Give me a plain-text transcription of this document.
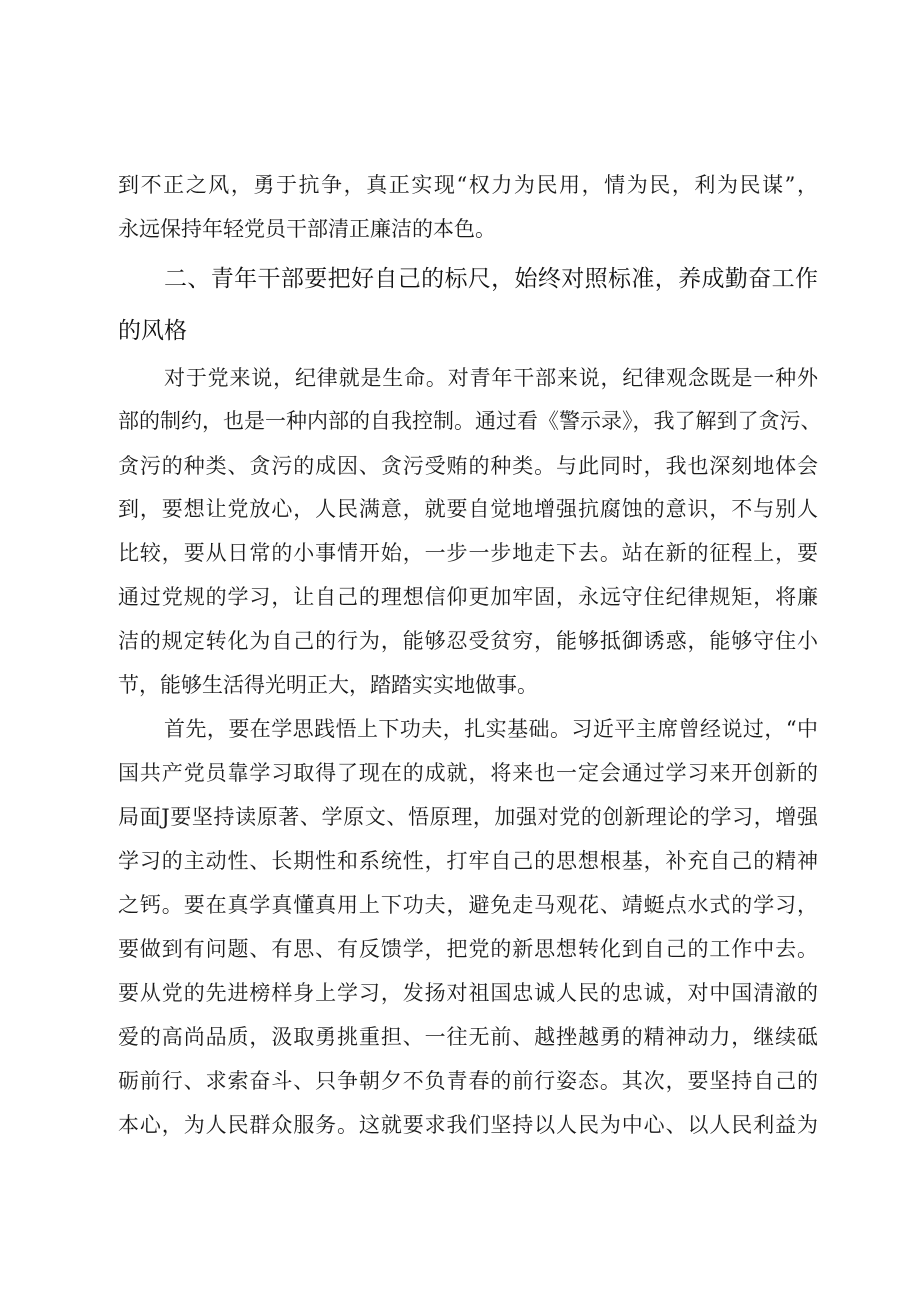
到不正之风，勇于抗争，真正实现“权力为民用，情为民，利为民谋”，
永远保持年轻党员干部清正廉洁的本色。
二、青年干部要把好自己的标尺，始终对照标准，养成勤奋工作
的风格
对于党来说，纪律就是生命。对青年干部来说，纪律观念既是一种外
部的制约，也是一种内部的自我控制。通过看《警示录》，我了解到了贪污、
贪污的种类、贪污的成因、贪污受贿的种类。与此同时，我也深刻地体会
到，要想让党放心，人民满意，就要自觉地增强抗腐蚀的意识，不与别人
比较，要从日常的小事情开始，一步一步地走下去。站在新的征程上，要
通过党规的学习，让自己的理想信仰更加牢固，永远守住纪律规矩，将廉
洁的规定转化为自己的行为，能够忍受贫穷，能够抵御诱惑，能够守住小
节，能够生活得光明正大，踏踏实实地做事。
首先，要在学思践悟上下功夫，扎实基础。习近平主席曾经说过，“中
国共产党员靠学习取得了现在的成就，将来也一定会通过学习来开创新的
局面J要坚持读原著、学原文、悟原理，加强对党的创新理论的学习，增强
学习的主动性、长期性和系统性，打牢自己的思想根基，补充自己的精神
之钙。要在真学真懂真用上下功夫，避免走马观花、靖蜓点水式的学习，
要做到有问题、有思、有反馈学，把党的新思想转化到自己的工作中去。
要从党的先进榜样身上学习，发扬对祖国忠诚人民的忠诚，对中国清澈的
爱的高尚品质，汲取勇挑重担、一往无前、越挫越勇的精神动力，继续砥
砺前行、求索奋斗、只争朝夕不负青春的前行姿态。其次，要坚持自己的
本心，为人民群众服务。这就要求我们坚持以人民为中心、以人民利益为
